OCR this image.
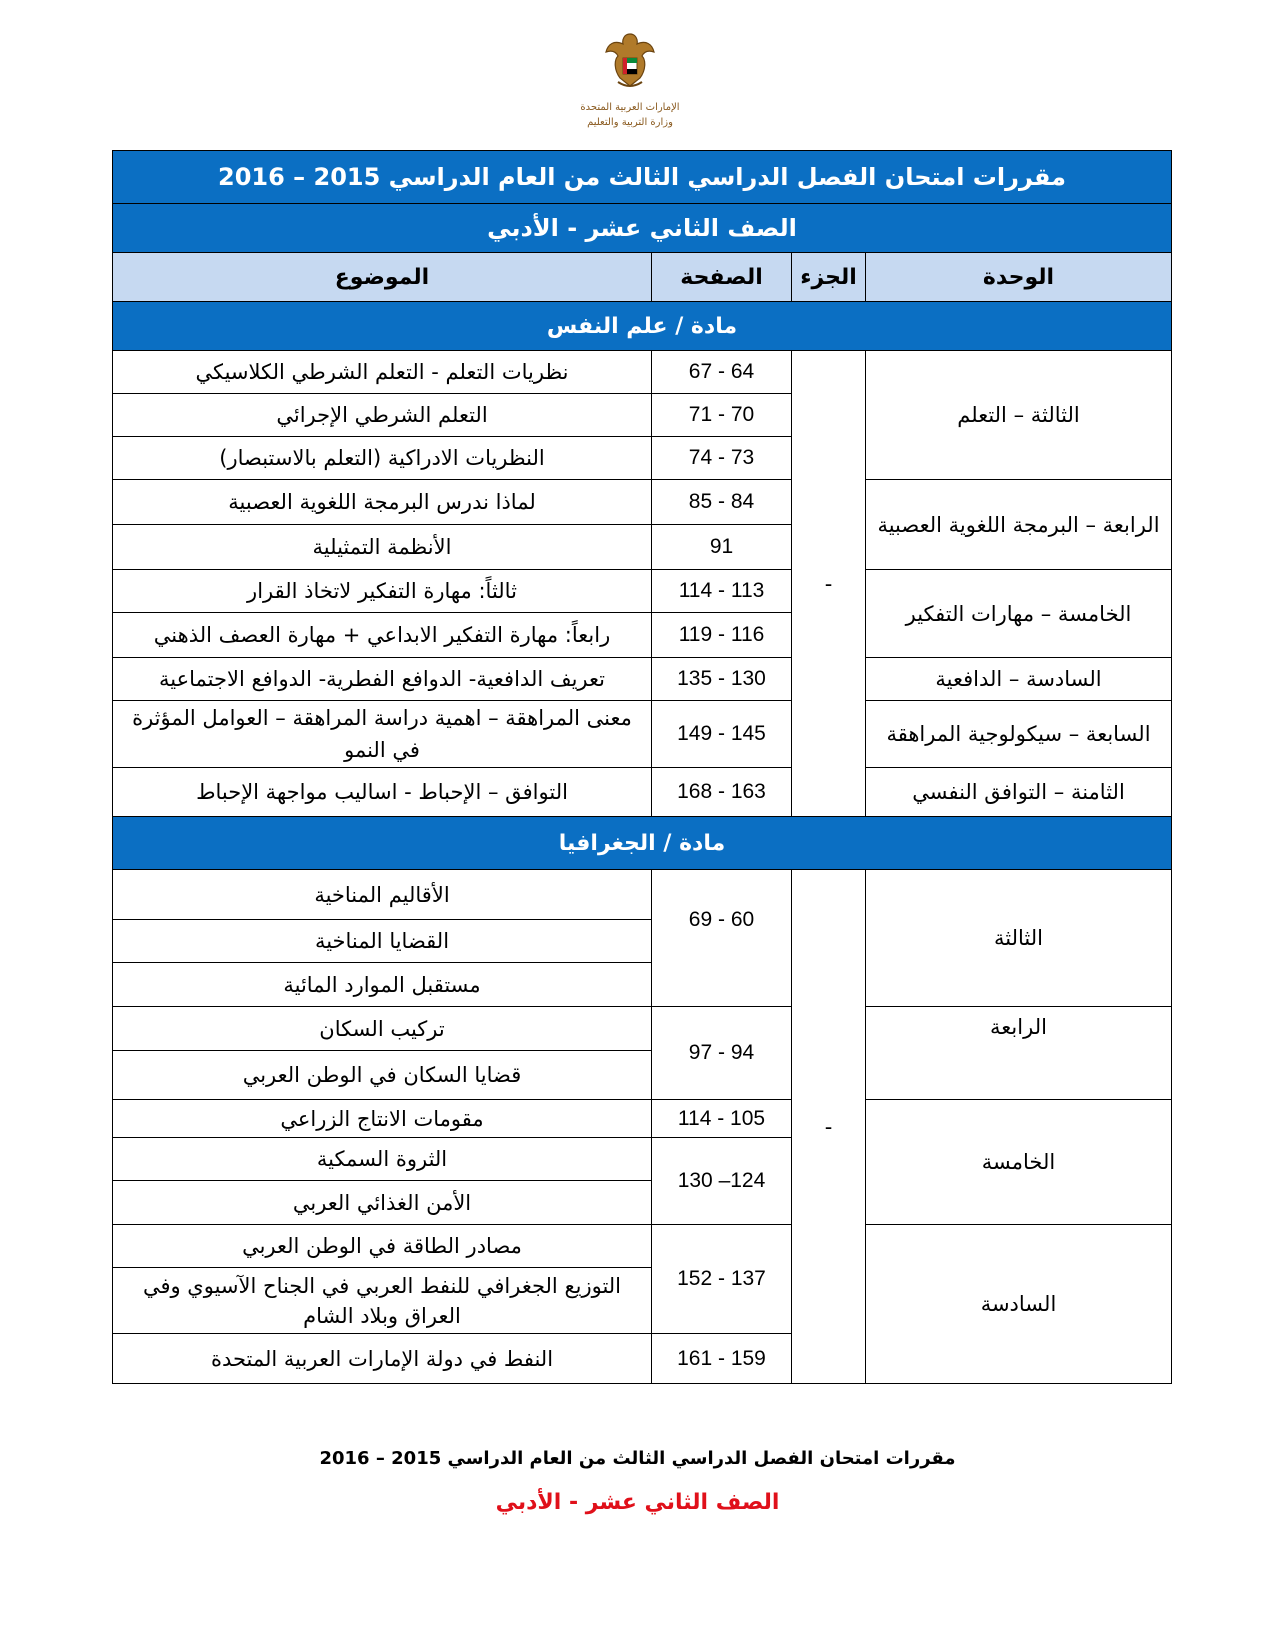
الإمارات العربية المتحدة
وزارة التربية والتعليم
مقررات امتحان الفصل الدراسي الثالث من العام الدراسي 2015 – 2016			
الصف الثاني عشر - الأدبي			
الوحدة	الجزء	الصفحة	الموضوع
مادة / علم النفس			
الثالثة – التعلم	-	67 - 64	نظريات التعلم - التعلم الشرطي الكلاسيكي
		71 - 70	التعلم الشرطي الإجرائي
		74 - 73	النظريات الادراكية (التعلم بالاستبصار)
الرابعة – البرمجة اللغوية العصبية		85 - 84	لماذا ندرس البرمجة اللغوية العصبية
		91	الأنظمة التمثيلية
الخامسة – مهارات التفكير		114 - 113	ثالثاً: مهارة التفكير لاتخاذ القرار
		119 - 116	رابعاً: مهارة التفكير الابداعي + مهارة العصف الذهني
السادسة – الدافعية		135 - 130	تعريف الدافعية- الدوافع الفطرية- الدوافع الاجتماعية
السابعة – سيكولوجية المراهقة		149 - 145	معنى المراهقة – اهمية دراسة المراهقة – العوامل المؤثرة في النمو
الثامنة – التوافق النفسي		168 - 163	التوافق – الإحباط - اساليب مواجهة الإحباط
مادة / الجغرافيا			
الثالثة	-	69 - 60	الأقاليم المناخية
			القضايا المناخية
			مستقبل الموارد المائية
الرابعة		97 - 94	تركيب السكان
			قضايا السكان في الوطن العربي
الخامسة		114 - 105	مقومات الانتاج الزراعي
		130 –124	الثروة السمكية
			الأمن الغذائي العربي
السادسة		152 - 137	مصادر الطاقة في الوطن العربي
			التوزيع الجغرافي للنفط العربي في الجناح الآسيوي وفي العراق وبلاد الشام
		161 - 159	النفط في دولة الإمارات العربية المتحدة
مقررات امتحان الفصل الدراسي الثالث من العام الدراسي 2015 – 2016
الصف الثاني عشر - الأدبي
